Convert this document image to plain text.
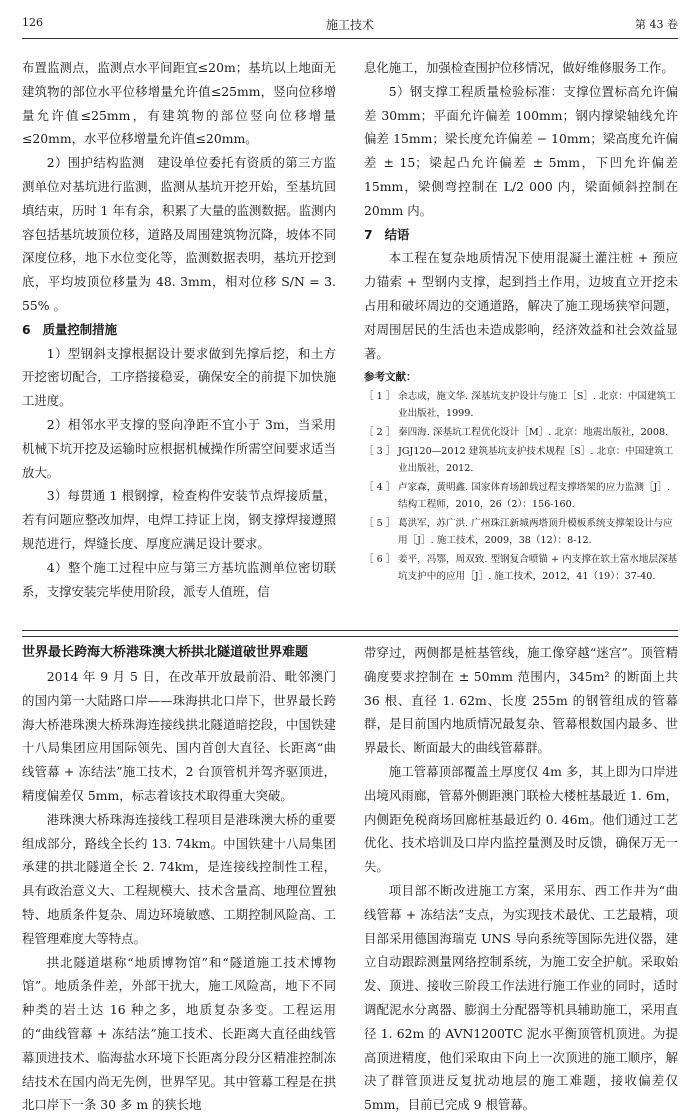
126	施工技术	第 43 卷

布置监测点，监测点水平间距宜≤20m；基坑以上地面无建筑物的部位水平位移增量允许值≤25mm，竖向位移增量允许值≤25mm，有建筑物的部位竖向位移增量≤20mm，水平位移增量允许值≤20mm。

2）围护结构监测　建设单位委托有资质的第三方监测单位对基坑进行监测，监测从基坑开挖开始，至基坑回填结束，历时 1 年有余，积累了大量的监测数据。监测内容包括基坑坡顶位移，道路及周围建筑物沉降，坡体不同深度位移，地下水位变化等，监测数据表明，基坑开挖到底，平均坡顶位移量为 48. 3mm，相对位移 S/N = 3. 55% 。

6 质量控制措施

1）型钢斜支撑根据设计要求做到先撑后挖，和土方开挖密切配合，工序搭接稳妥，确保安全的前提下加快施工进度。

2）相邻水平支撑的竖向净距不宜小于 3m，当采用机械下坑开挖及运输时应根据机械操作所需空间要求适当放大。

3）每贯通 1 根钢撑，检查构件安装节点焊接质量，若有问题应整改加焊，电焊工持证上岗，钢支撑焊接遵照规范进行，焊缝长度、厚度应满足设计要求。

4）整个施工过程中应与第三方基坑监测单位密切联系，支撑安装完毕使用阶段，派专人值班，信

息化施工，加强检查围护位移情况，做好维修服务工作。

5）钢支撑工程质量检验标准：支撑位置标高允许偏差 30mm；平面允许偏差 100mm；钢内撑梁轴线允许偏差 15mm；梁长度允许偏差 − 10mm；梁高度允许偏差 ± 15；梁起凸允许偏差 ± 5mm，下凹允许偏差 15mm，梁侧弯控制在 L/2 000 内，梁面倾斜控制在 20mm 内。

7 结语

本工程在复杂地质情况下使用混凝土灌注桩 + 预应力锚索 + 型钢内支撑，起到挡土作用，边坡直立开挖未占用和破坏周边的交通道路，解决了施工现场狭窄问题，对周围居民的生活也未造成影响，经济效益和社会效益显著。

参考文献：

［ 1 ］ 余志成，施文华. 深基坑支护设计与施工［S］. 北京：中国建筑工业出版社，1999.

［ 2 ］ 秦四海. 深基坑工程优化设计［M］. 北京：地震出版社，2008.

［ 3 ］ JGJ120—2012 建筑基坑支护技术规程［S］. 北京：中国建筑工业出版社，2012.

［ 4 ］ 卢家森，黄明鑫. 国家体育场卸载过程支撑塔架的应力监测［J］. 结构工程师，2010，26（2）：156-160.

［ 5 ］ 葛洪军，苏广洪. 广州珠江新城两塔顶升模板系统支撑架设计与应用［J］. 施工技术，2009，38（12）：8-12.

［ 6 ］ 姜平，冯鄂，周双致. 型钢复合喷锚 + 内支撑在软土富水地层深基坑支护中的应用［J］. 施工技术，2012，41（19）：37-40.

世界最长跨海大桥港珠澳大桥拱北隧道破世界难题

2014 年 9 月 5 日，在改革开放最前沿、毗邻澳门的国内第一大陆路口岸——珠海拱北口岸下，世界最长跨海大桥港珠澳大桥珠海连接线拱北隧道暗挖段，中国铁建十八局集团应用国际领先、国内首创大直径、长距离“曲线管幕 + 冻结法”施工技术，2 台顶管机并驾齐驱顶进，精度偏差仅 5mm，标志着该技术取得重大突破。

港珠澳大桥珠海连接线工程项目是港珠澳大桥的重要组成部分，路线全长约 13. 74km。中国铁建十八局集团承建的拱北隧道全长 2. 74km，是连接线控制性工程，具有政治意义大、工程规模大、技术含量高、地理位置独特、地质条件复杂、周边环境敏感、工期控制风险高、工程管理难度大等特点。

拱北隧道堪称“地质博物馆”和“隧道施工技术博物馆”。地质条件差，外部干扰大，施工风险高，地下不同种类的岩土达 16 种之多，地质复杂多变。工程运用的“曲线管幕 + 冻结法”施工技术、长距离大直径曲线管幕顶进技术、临海盐水环境下长距离分段分区精准控制冻结技术在国内尚无先例，世界罕见。其中管幕工程是在拱北口岸下一条 30 多 m 的狭长地

带穿过，两侧都是桩基管线，施工像穿越“迷宫”。顶管精确度要求控制在 ± 50mm 范围内，345m² 的断面上共 36 根、直径 1. 62m、长度 255m 的钢管组成的管幕群，是目前国内地质情况最复杂、管幕根数国内最多、世界最长、断面最大的曲线管幕群。

施工管幕顶部覆盖土厚度仅 4m 多，其上即为口岸进出境风雨廊，管幕外侧距澳门联检大楼桩基最近 1. 6m，内侧距免税商场回廊桩基最近约 0. 46m。他们通过工艺优化、技术培训及口岸内监控量测及时反馈，确保万无一失。

项目部不断改进施工方案，采用东、西工作井为“曲线管幕 + 冻结法”支点，为实现技术最优、工艺最精，项目部采用德国海瑞克 UNS 导向系统等国际先进仪器，建立自动跟踪测量网络控制系统，为施工安全护航。采取始发、顶进、接收三阶段工作法进行施工作业的同时，适时调配泥水分离器、膨润土分配器等机具辅助施工，采用直径 1. 62m 的 AVN1200TC 泥水平衡顶管机顶进。为提高顶进精度，他们采取由下向上一次顶进的施工顺序，解决了群管顶进反复扰动地层的施工难题，接收偏差仅 5mm，目前已完成 9 根管幕。
